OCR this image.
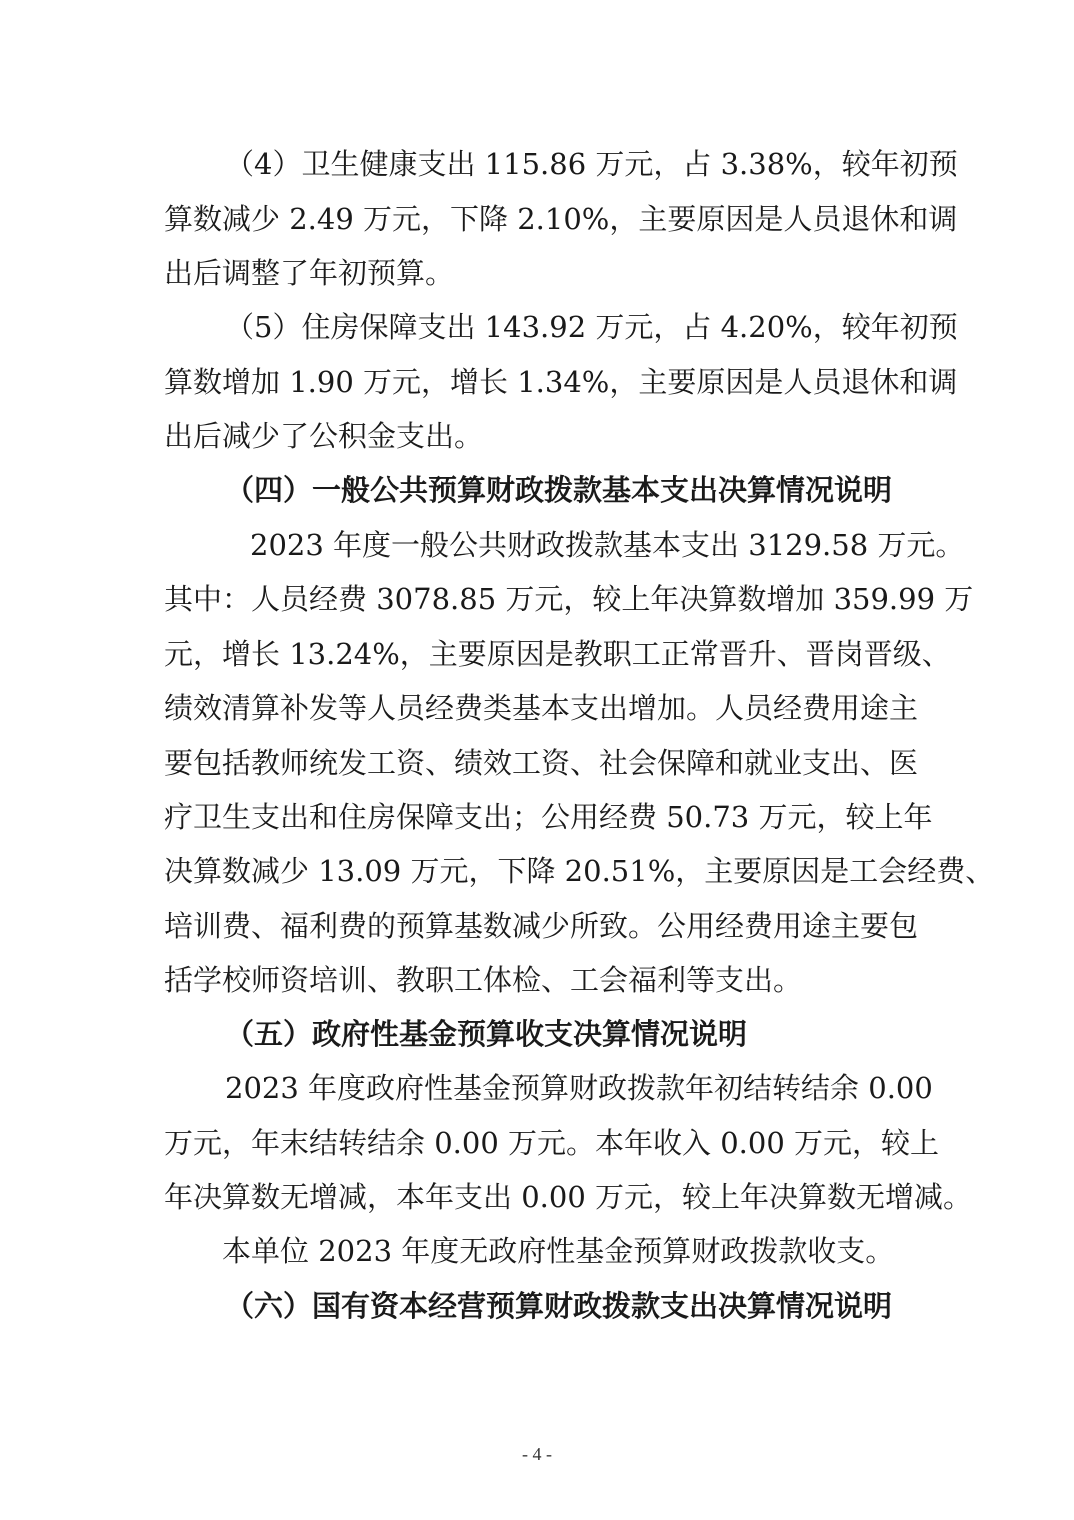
（4）卫生健康支出 115.86 万元，占 3.38%，较年初预
算数减少 2.49 万元，下降 2.10%，主要原因是人员退休和调
出后调整了年初预算。
（5）住房保障支出 143.92 万元，占 4.20%，较年初预
算数增加 1.90 万元，增长 1.34%，主要原因是人员退休和调
出后减少了公积金支出。
（四）一般公共预算财政拨款基本支出决算情况说明
2023 年度一般公共财政拨款基本支出 3129.58 万元。
其中：人员经费 3078.85 万元，较上年决算数增加 359.99 万
元，增长 13.24%，主要原因是教职工正常晋升、晋岗晋级、
绩效清算补发等人员经费类基本支出增加。人员经费用途主
要包括教师统发工资、绩效工资、社会保障和就业支出、医
疗卫生支出和住房保障支出；公用经费 50.73 万元，较上年
决算数减少 13.09 万元，下降 20.51%，主要原因是工会经费、
培训费、福利费的预算基数减少所致。公用经费用途主要包
括学校师资培训、教职工体检、工会福利等支出。
（五）政府性基金预算收支决算情况说明
2023 年度政府性基金预算财政拨款年初结转结余 0.00
万元，年末结转结余 0.00 万元。本年收入 0.00 万元，较上
年决算数无增减，本年支出 0.00 万元，较上年决算数无增减。
本单位 2023 年度无政府性基金预算财政拨款收支。
（六）国有资本经营预算财政拨款支出决算情况说明
- 4 -
